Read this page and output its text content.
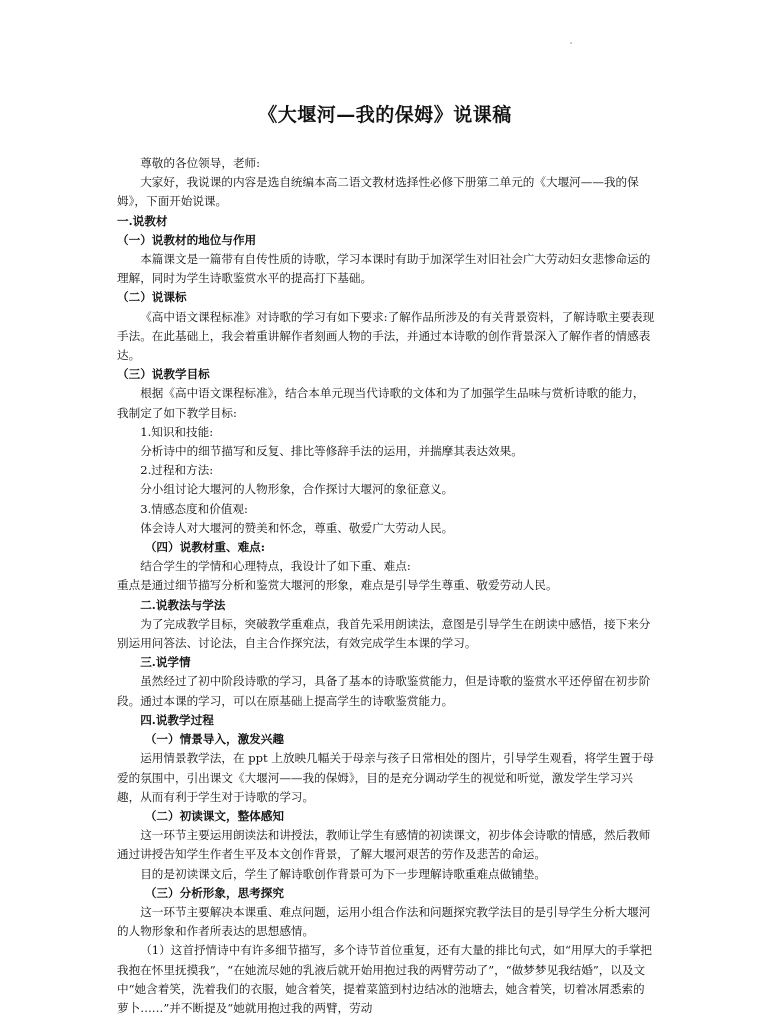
《大堰河—我的保姆》说课稿

尊敬的各位领导，老师:

大家好，我说课的内容是选自统编本高二语文教材选择性必修下册第二单元的《大堰河——我的保姆》，下面开始说课。

一.说教材

（一）说教材的地位与作用

本篇课文是一篇带有自传性质的诗歌，学习本课时有助于加深学生对旧社会广大劳动妇女悲惨命运的理解，同时为学生诗歌鉴赏水平的提高打下基础。

（二）说课标

《高中语文课程标准》对诗歌的学习有如下要求:了解作品所涉及的有关背景资料，了解诗歌主要表现手法。在此基础上，我会着重讲解作者刻画人物的手法，并通过本诗歌的创作背景深入了解作者的情感表达。

（三）说教学目标

根据《高中语文课程标准》，结合本单元现当代诗歌的文体和为了加强学生品味与赏析诗歌的能力，我制定了如下教学目标:

1.知识和技能:

分析诗中的细节描写和反复、排比等修辞手法的运用，并揣摩其表达效果。

2.过程和方法:

分小组讨论大堰河的人物形象，合作探讨大堰河的象征意义。

3.情感态度和价值观:

体会诗人对大堰河的赞美和怀念，尊重、敬爱广大劳动人民。

（四）说教材重、难点:

结合学生的学情和心理特点，我设计了如下重、难点:

重点是通过细节描写分析和鉴赏大堰河的形象，难点是引导学生尊重、敬爱劳动人民。

二.说教法与学法

为了完成教学目标，突破教学重难点，我首先采用朗读法，意图是引导学生在朗读中感悟，接下来分别运用问答法、讨论法，自主合作探究法，有效完成学生本课的学习。

三.说学情

虽然经过了初中阶段诗歌的学习，具备了基本的诗歌鉴赏能力，但是诗歌的鉴赏水平还停留在初步阶段。通过本课的学习，可以在原基础上提高学生的诗歌鉴赏能力。

四.说教学过程

（一）情景导入，激发兴趣

运用情景教学法，在 ppt 上放映几幅关于母亲与孩子日常相处的图片，引导学生观看，将学生置于母爱的氛围中，引出课文《大堰河——我的保姆》，目的是充分调动学生的视觉和听觉，激发学生学习兴趣，从而有利于学生对于诗歌的学习。

（二）初读课文，整体感知

这一环节主要运用朗读法和讲授法，教师让学生有感情的初读课文，初步体会诗歌的情感，然后教师通过讲授告知学生作者生平及本文创作背景，了解大堰河艰苦的劳作及悲苦的命运。

目的是初读课文后，学生了解诗歌创作背景可为下一步理解诗歌重难点做铺垫。

（三）分析形象，思考探究

这一环节主要解决本课重、难点问题，运用小组合作法和问题探究教学法目的是引导学生分析大堰河的人物形象和作者所表达的思想感情。

（1）这首抒情诗中有许多细节描写，多个诗节首位重复，还有大量的排比句式，如“用厚大的手掌把我抱在怀里抚摸我”，“在她流尽她的乳液后就开始用抱过我的两臂劳动了”，“做梦梦见我结婚”，以及文中“她含着笑，洗着我们的衣服，她含着笑，提着菜篮到村边结冰的池塘去，她含着笑，切着冰屑悉索的萝卜……”并不断提及“她就用抱过我的两臂，劳动
